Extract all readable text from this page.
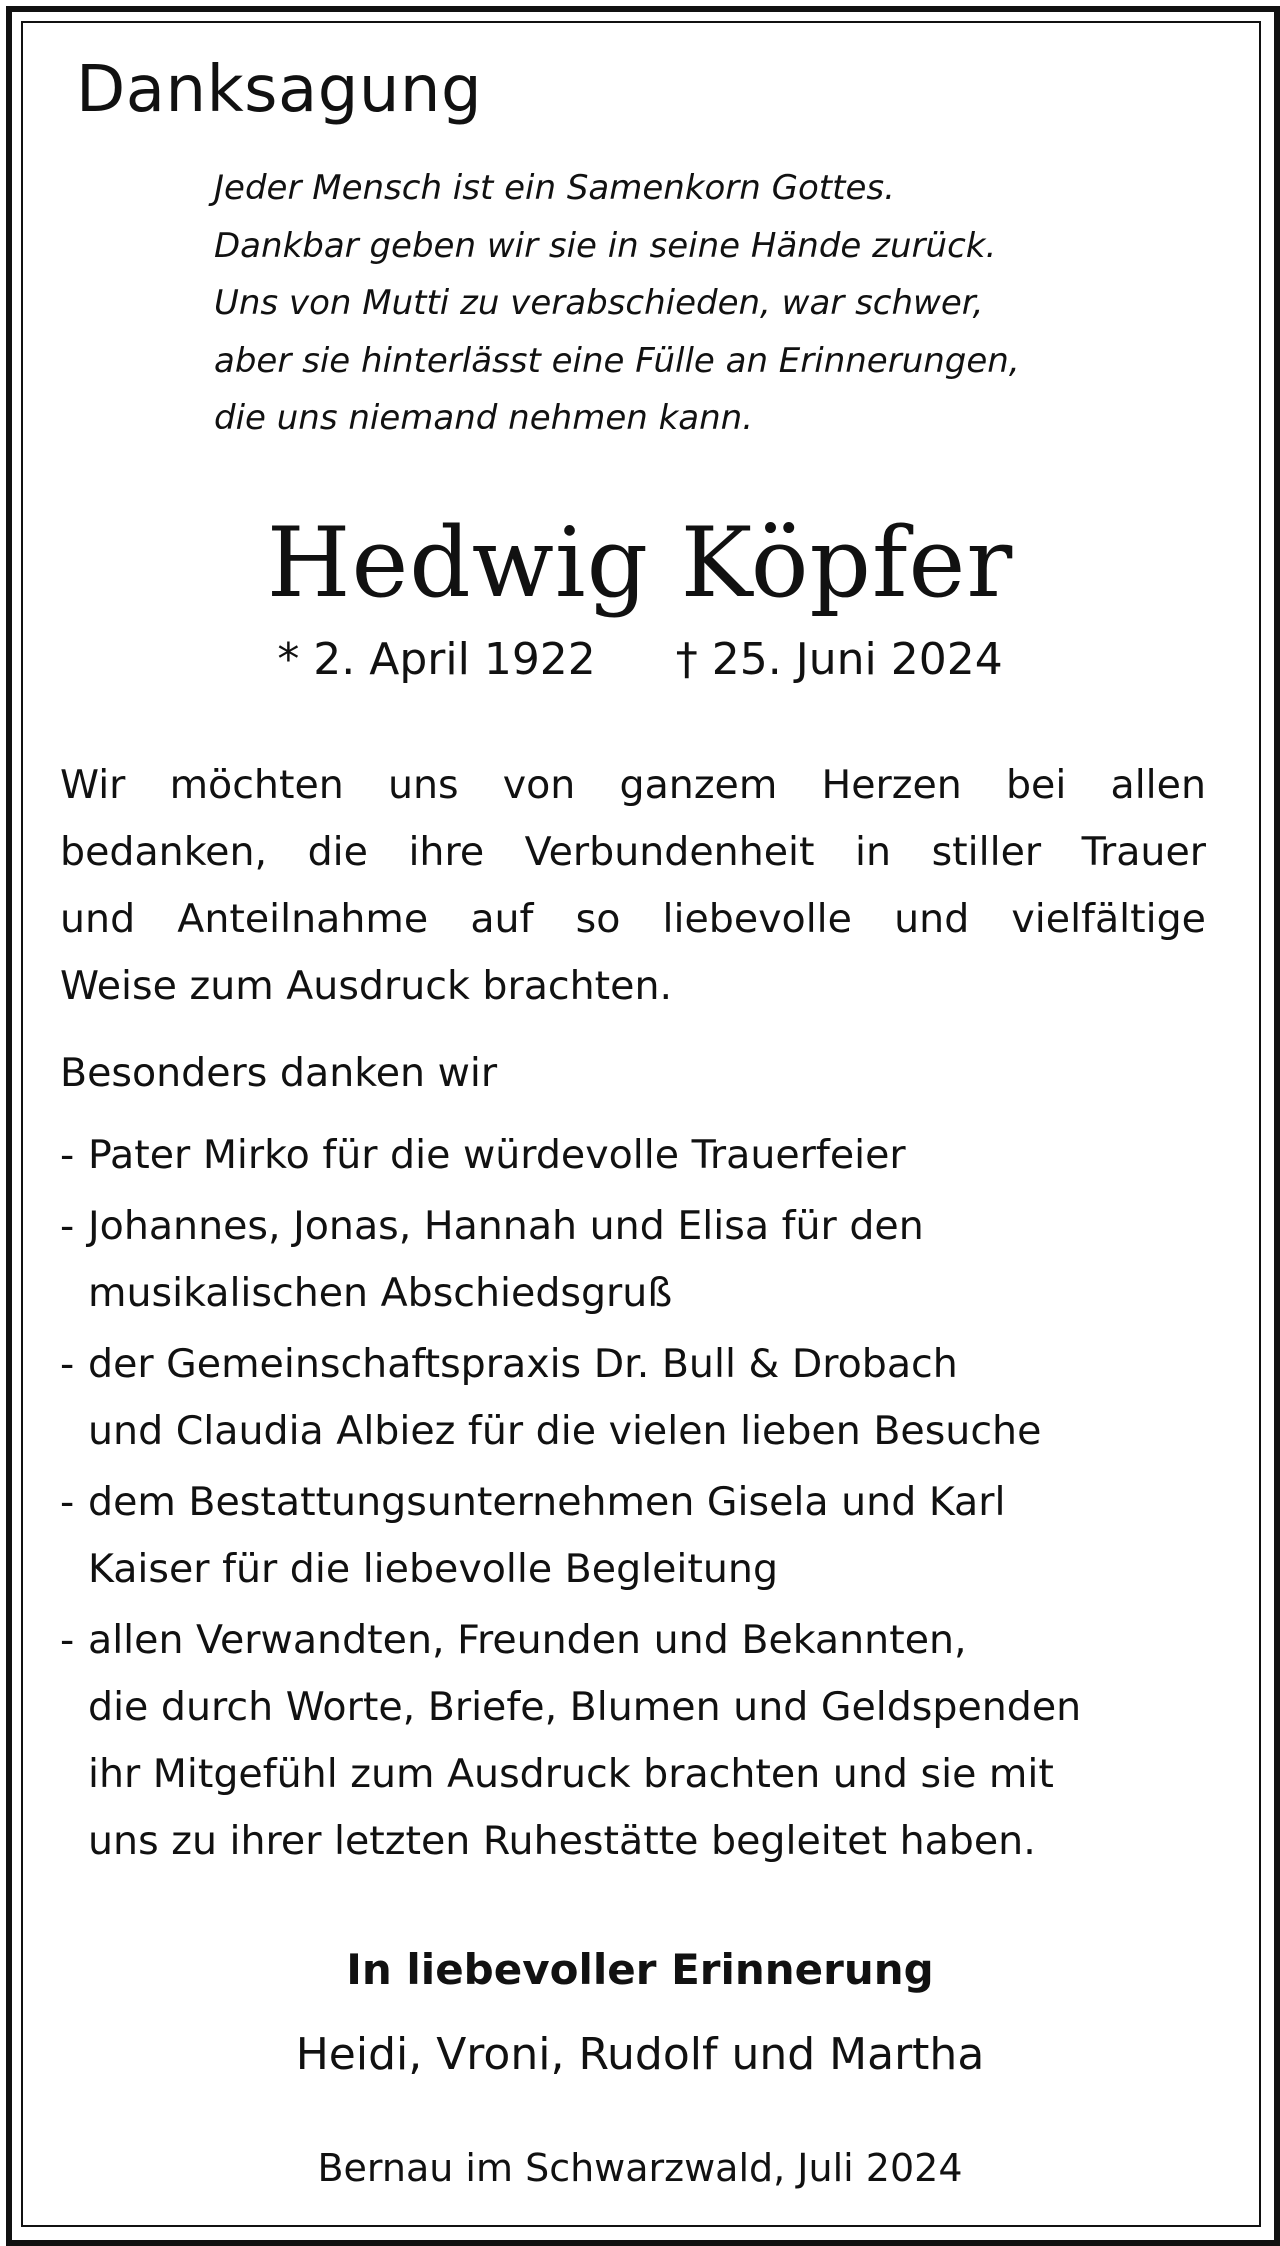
Danksagung

Jeder Mensch ist ein Samenkorn Gottes.
Dankbar geben wir sie in seine Hände zurück.
Uns von Mutti zu verabschieden, war schwer,
aber sie hinterlässt eine Fülle an Erinnerungen,
die uns niemand nehmen kann.

Hedwig Köpfer
* 2. April 1922 † 25. Juni 2024

Wir möchten uns von ganzem Herzen bei allen
bedanken, die ihre Verbundenheit in stiller Trauer
und Anteilnahme auf so liebevolle und vielfältige
Weise zum Ausdruck brachten.

Besonders danken wir

- Pater Mirko für die würdevolle Trauerfeier
- Johannes, Jonas, Hannah und Elisa für den
musikalischen Abschiedsgruß
- der Gemeinschaftspraxis Dr. Bull & Drobach
und Claudia Albiez für die vielen lieben Besuche
- dem Bestattungsunternehmen Gisela und Karl
Kaiser für die liebevolle Begleitung
- allen Verwandten, Freunden und Bekannten,
die durch Worte, Briefe, Blumen und Geldspenden
ihr Mitgefühl zum Ausdruck brachten und sie mit
uns zu ihrer letzten Ruhestätte begleitet haben.

In liebevoller Erinnerung

Heidi, Vroni, Rudolf und Martha
Bernau im Schwarzwald, Juli 2024
